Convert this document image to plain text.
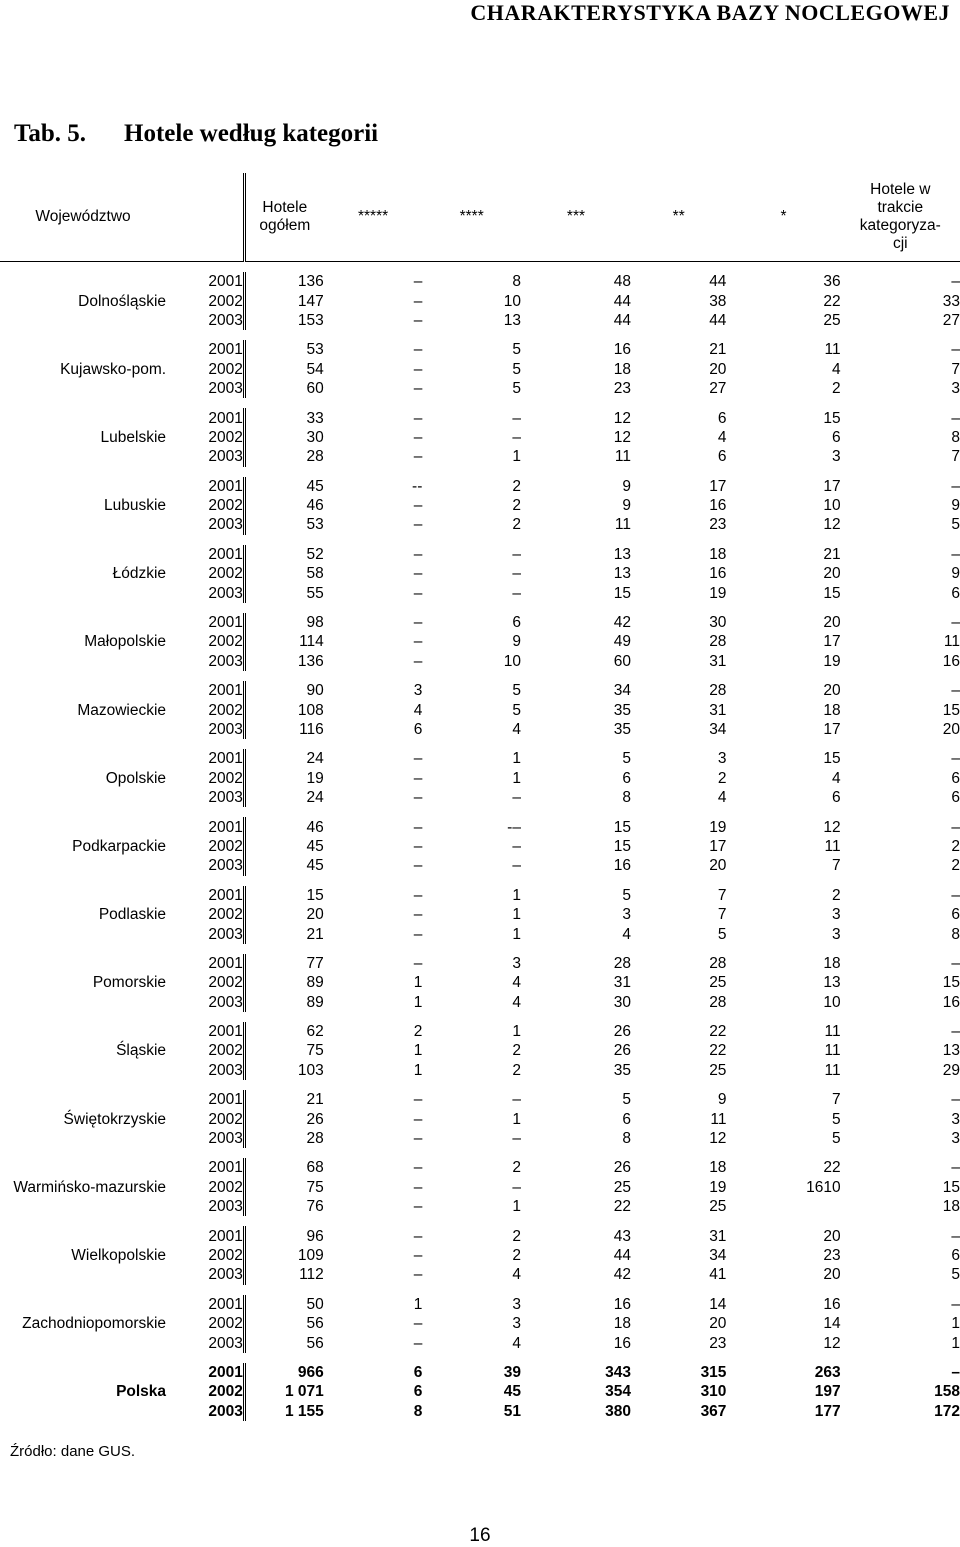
CHARAKTERYSTYKA BAZY NOCLEGOWEJ
Tab. 5. Hotele według kategorii
Województwo		Hotele ogółem	*****	****	***	**	*	Hotele w trakcie kategoryza-cji

Dolnośląskie	2001	136	–	8	48	44	36	–
	2002	147	–	10	44	38	22	33
	2003	153	–	13	44	44	25	27

Kujawsko-pom.	2001	53	–	5	16	21	11	–
	2002	54	–	5	18	20	4	7
	2003	60	–	5	23	27	2	3

Lubelskie	2001	33	–	–	12	6	15	–
	2002	30	–	–	12	4	6	8
	2003	28	–	1	11	6	3	7

Lubuskie	2001	45	--	2	9	17	17	–
	2002	46	–	2	9	16	10	9
	2003	53	–	2	11	23	12	5

Łódzkie	2001	52	–	–	13	18	21	–
	2002	58	–	–	13	16	20	9
	2003	55	–	–	15	19	15	6

Małopolskie	2001	98	–	6	42	30	20	–
	2002	114	–	9	49	28	17	11
	2003	136	–	10	60	31	19	16

Mazowieckie	2001	90	3	5	34	28	20	–
	2002	108	4	5	35	31	18	15
	2003	116	6	4	35	34	17	20

Opolskie	2001	24	–	1	5	3	15	–
	2002	19	–	1	6	2	4	6
	2003	24	–	–	8	4	6	6

Podkarpackie	2001	46	–	-–	15	19	12	–
	2002	45	–	–	15	17	11	2
	2003	45	–	–	16	20	7	2

Podlaskie	2001	15	–	1	5	7	2	–
	2002	20	–	1	3	7	3	6
	2003	21	–	1	4	5	3	8

Pomorskie	2001	77	–	3	28	28	18	–
	2002	89	1	4	31	25	13	15
	2003	89	1	4	30	28	10	16

Śląskie	2001	62	2	1	26	22	11	–
	2002	75	1	2	26	22	11	13
	2003	103	1	2	35	25	11	29

Świętokrzyskie	2001	21	–	–	5	9	7	–
	2002	26	–	1	6	11	5	3
	2003	28	–	–	8	12	5	3

Warmińsko-mazurskie	2001	68	–	2	26	18	22	–
	2002	75	–	–	25	19	1610	15
	2003	76	–	1	22	25		18

Wielkopolskie	2001	96	–	2	43	31	20	–
	2002	109	–	2	44	34	23	6
	2003	112	–	4	42	41	20	5

Zachodniopomorskie	2001	50	1	3	16	14	16	–
	2002	56	–	3	18	20	14	1
	2003	56	–	4	16	23	12	1

Polska	2001	966	6	39	343	315	263	–
	2002	1 071	6	45	354	310	197	158
	2003	1 155	8	51	380	367	177	172
Źródło: dane GUS.
16
